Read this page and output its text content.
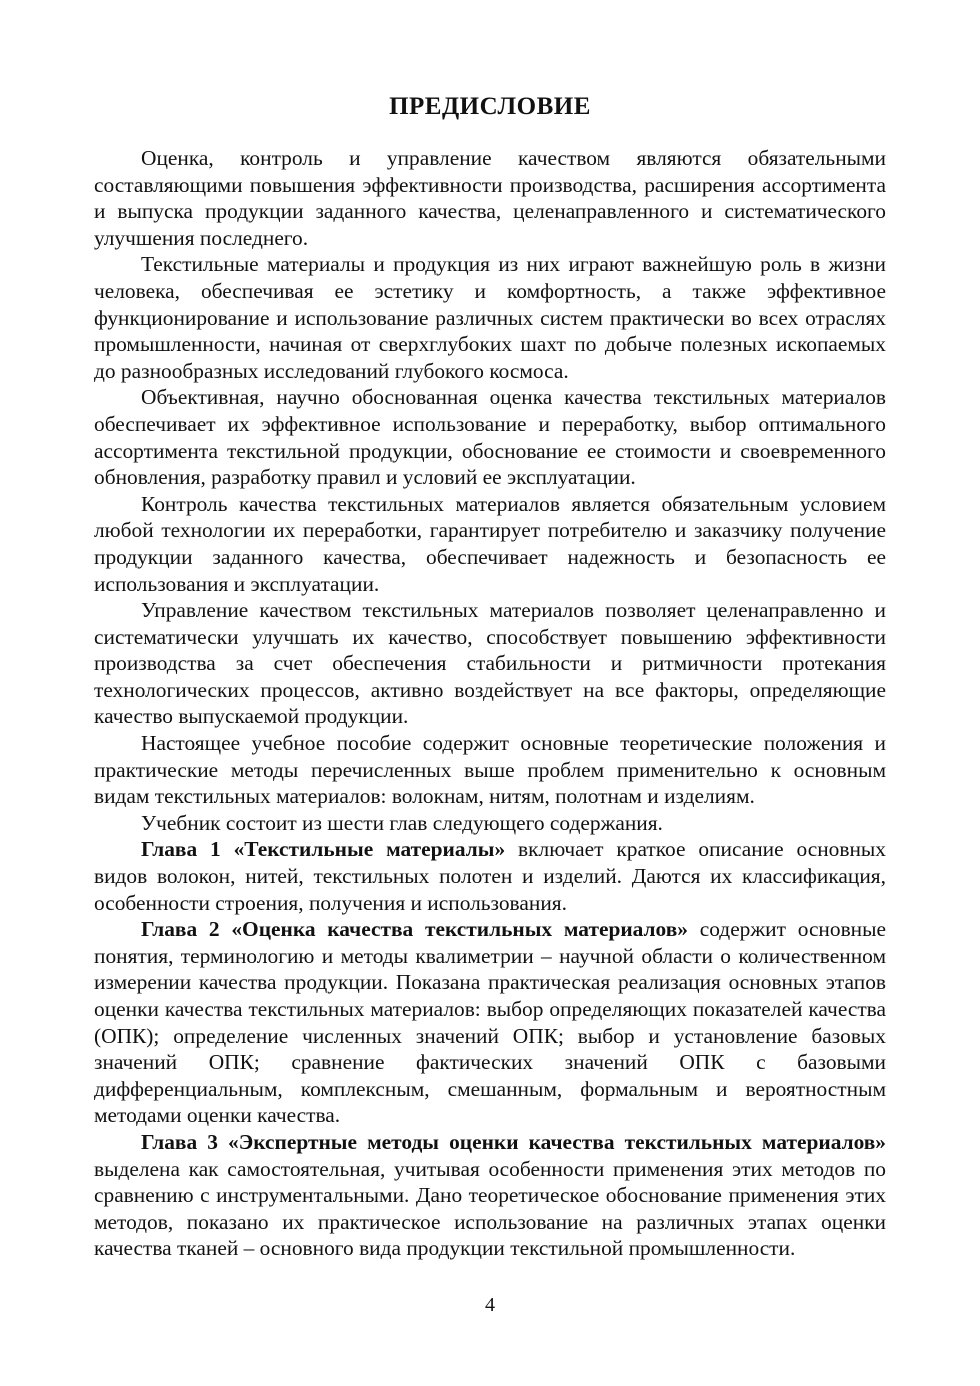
ПРЕДИСЛОВИЕ

Оценка, контроль и управление качеством являются обязательными составляющими повышения эффективности производства, расширения ассортимента и выпуска продукции заданного качества, целенаправленного и систематического улучшения последнего.

Текстильные материалы и продукция из них играют важнейшую роль в жизни человека, обеспечивая ее эстетику и комфортность, а также эффективное функционирование и использование различных систем практически во всех отраслях промышленности, начиная от сверхглубоких шахт по добыче полезных ископаемых до разнообразных исследований глубокого космоса.

Объективная, научно обоснованная оценка качества текстильных материалов обеспечивает их эффективное использование и переработку, выбор оптимального ассортимента текстильной продукции, обоснование ее стоимости и своевременного обновления, разработку правил и условий ее эксплуатации.

Контроль качества текстильных материалов является обязательным условием любой технологии их переработки, гарантирует потребителю и заказчику получение продукции заданного качества, обеспечивает надежность и безопасность ее использования и эксплуатации.

Управление качеством текстильных материалов позволяет целенаправленно и систематически улучшать их качество, способствует повышению эффективности производства за счет обеспечения стабильности и ритмичности протекания технологических процессов, активно воздействует на все факторы, определяющие качество выпускаемой продукции.

Настоящее учебное пособие содержит основные теоретические положения и практические методы перечисленных выше проблем применительно к основным видам текстильных материалов: волокнам, нитям, полотнам и изделиям.

Учебник состоит из шести глав следующего содержания.

Глава 1 «Текстильные материалы» включает краткое описание основных видов волокон, нитей, текстильных полотен и изделий. Даются их классификация, особенности строения, получения и использования.

Глава 2 «Оценка качества текстильных материалов» содержит основные понятия, терминологию и методы квалиметрии – научной области о количественном измерении качества продукции. Показана практическая реализация основных этапов оценки качества текстильных материалов: выбор определяющих показателей качества (ОПК); определение численных значений ОПК; выбор и установление базовых значений ОПК; сравнение фактических значений ОПК с базовыми дифференциальным, комплексным, смешанным, формальным и вероятностным методами оценки качества.

Глава 3 «Экспертные методы оценки качества текстильных материалов» выделена как самостоятельная, учитывая особенности применения этих методов по сравнению с инструментальными. Дано теоретическое обоснование применения этих методов, показано их практическое использование на различных этапах оценки качества тканей – основного вида продукции текстильной промышленности.

4
